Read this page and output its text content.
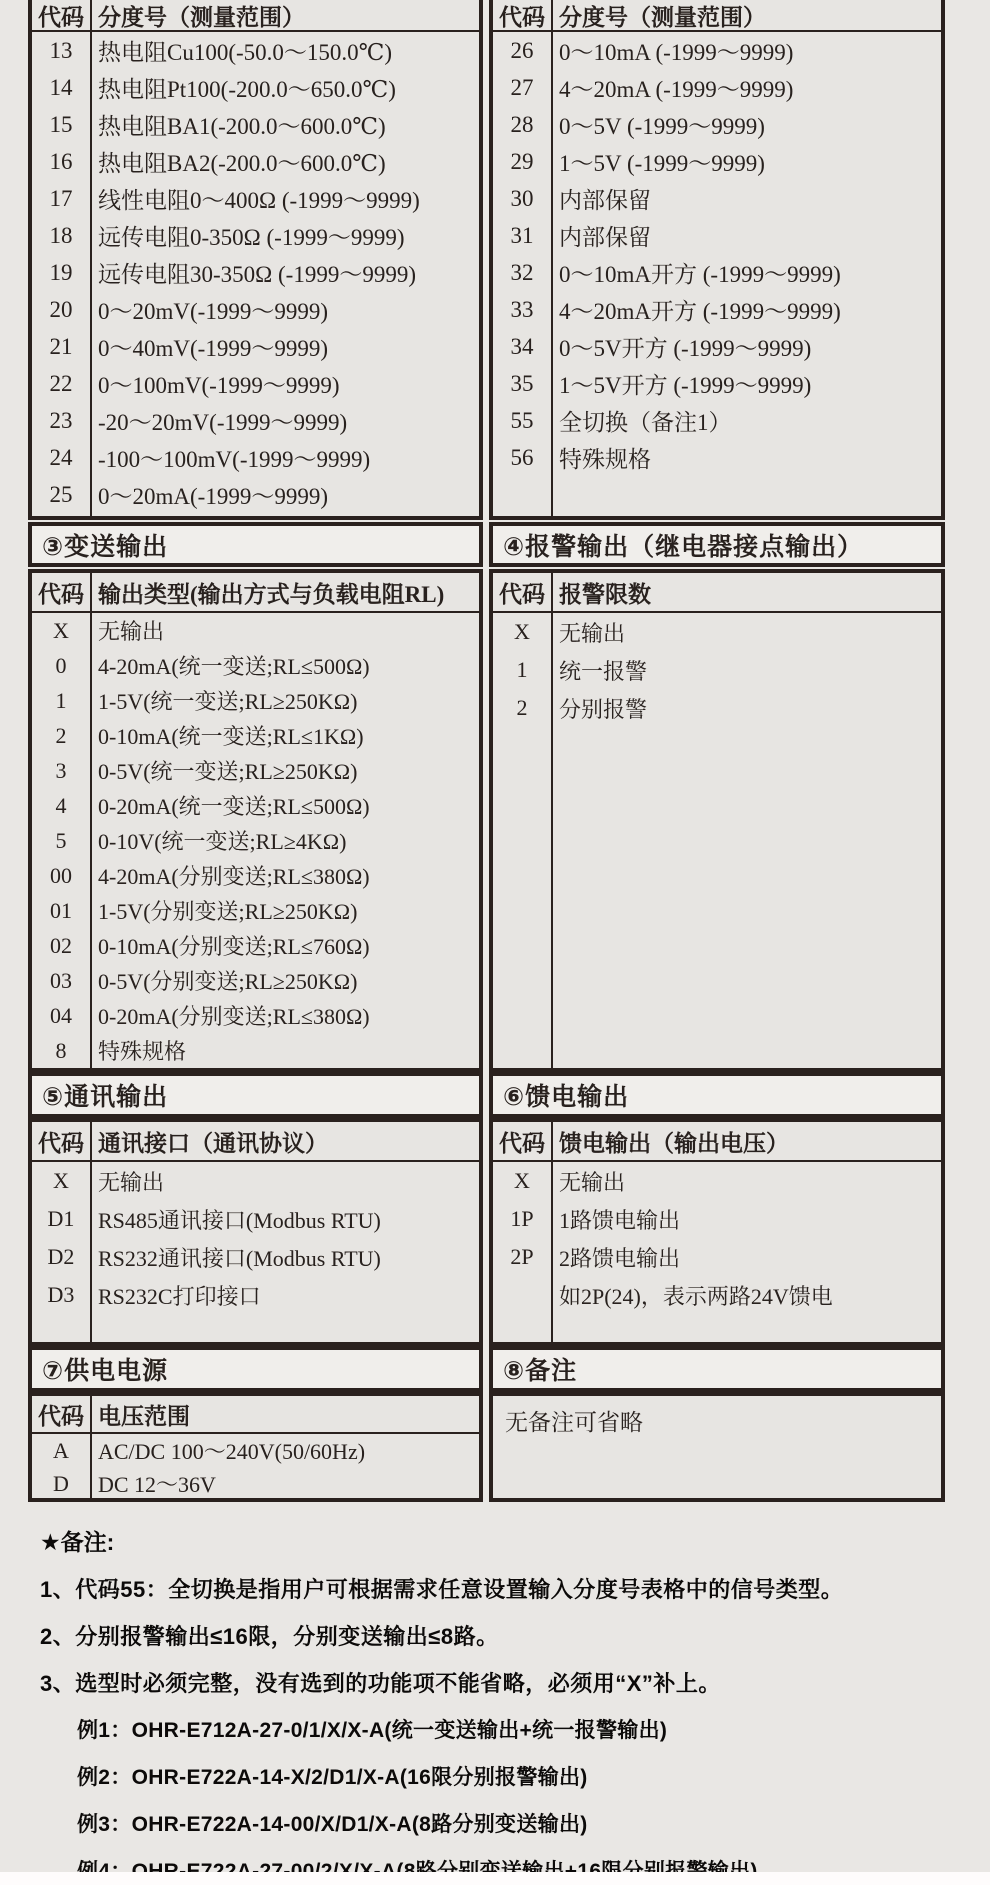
代码 分度号（测量范围）
13	热电阻Cu100(-50.0～150.0℃)
14	热电阻Pt100(-200.0～650.0℃)
15	热电阻BA1(-200.0～600.0℃)
16	热电阻BA2(-200.0～600.0℃)
17	线性电阻0～400Ω (-1999～9999)
18	远传电阻0-350Ω (-1999～9999)
19	远传电阻30-350Ω (-1999～9999)
20	0～20mV(-1999～9999)
21	0～40mV(-1999～9999)
22	0～100mV(-1999～9999)
23	-20～20mV(-1999～9999)
24	-100～100mV(-1999～9999)
25	0～20mA(-1999～9999)
③变送输出
代码 输出类型(输出方式与负载电阻RL)
X	无输出
0	4-20mA(统一变送;RL≤500Ω)
1	1-5V(统一变送;RL≥250KΩ)
2	0-10mA(统一变送;RL≤1KΩ)
3	0-5V(统一变送;RL≥250KΩ)
4	0-20mA(统一变送;RL≤500Ω)
5	0-10V(统一变送;RL≥4KΩ)
00	4-20mA(分别变送;RL≤380Ω)
01	1-5V(分别变送;RL≥250KΩ)
02	0-10mA(分别变送;RL≤760Ω)
03	0-5V(分别变送;RL≥250KΩ)
04	0-20mA(分别变送;RL≤380Ω)
8	特殊规格
⑤通讯输出
代码 通讯接口（通讯协议）
X	无输出
D1	RS485通讯接口(Modbus RTU)
D2	RS232通讯接口(Modbus RTU)
D3	RS232C打印接口
⑦供电电源
代码 电压范围
A	AC/DC 100～240V(50/60Hz)
D	DC 12～36V
代码 分度号（测量范围）
26	0～10mA (-1999～9999)
27	4～20mA (-1999～9999)
28	0～5V (-1999～9999)
29	1～5V (-1999～9999)
30	内部保留
31	内部保留
32	0～10mA开方 (-1999～9999)
33	4～20mA开方 (-1999～9999)
34	0～5V开方 (-1999～9999)
35	1～5V开方 (-1999～9999)
55	全切换（备注1）
56	特殊规格
④报警输出（继电器接点输出）
代码 报警限数
X	无输出
1	统一报警
2	分别报警
⑥馈电输出
代码 馈电输出（输出电压）
X	无输出
1P	1路馈电输出
2P	2路馈电输出
如2P(24)，表示两路24V馈电
⑧备注
无备注可省略
★备注:
1、代码55：全切换是指用户可根据需求任意设置输入分度号表格中的信号类型。
2、分别报警输出≤16限，分别变送输出≤8路。
3、选型时必须完整，没有选到的功能项不能省略，必须用“X”补上。
例1：OHR-E712A-27-0/1/X/X-A(统一变送输出+统一报警输出)
例2：OHR-E722A-14-X/2/D1/X-A(16限分别报警输出)
例3：OHR-E722A-14-00/X/D1/X-A(8路分别变送输出)
